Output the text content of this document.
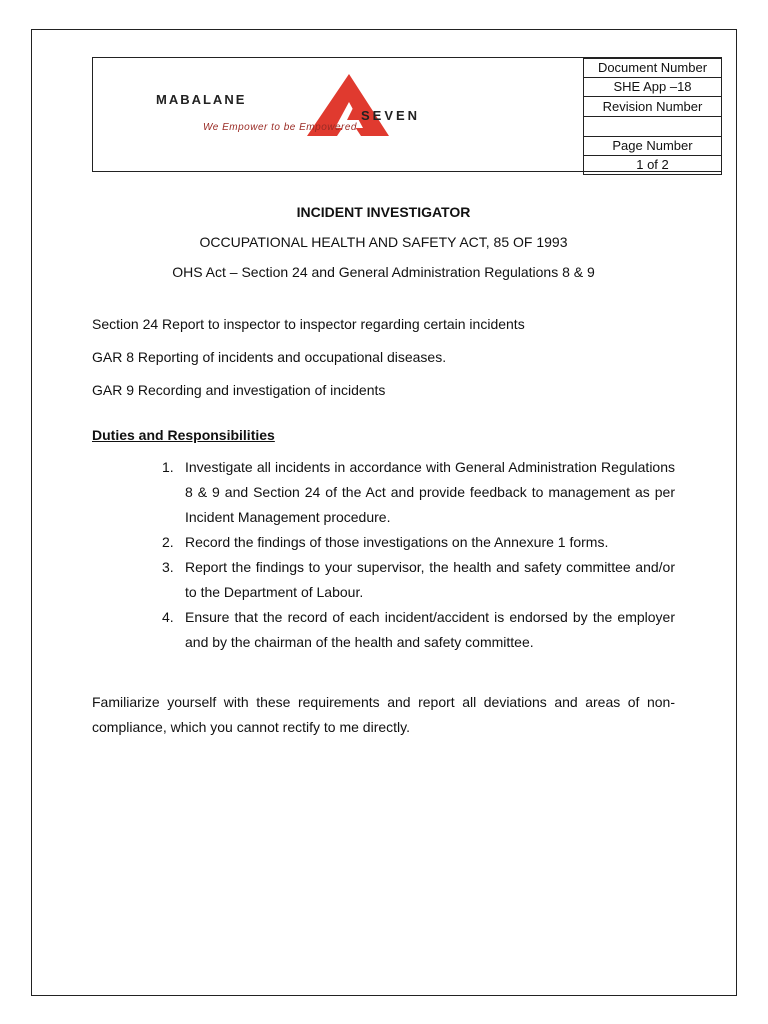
MABALANE
SEVEN
We Empower to be Empowered
Document Number
SHE App –18
Revision Number

Page Number
1 of 2

INCIDENT INVESTIGATOR

OCCUPATIONAL HEALTH AND SAFETY ACT, 85 OF 1993

OHS Act – Section 24 and General Administration Regulations 8 & 9

Section 24 Report to inspector to inspector regarding certain incidents

GAR 8 Reporting of incidents and occupational diseases.

GAR 9 Recording and investigation of incidents

Duties and Responsibilities

1. Investigate all incidents in accordance with General Administration Regulations 8 & 9 and Section 24 of the Act and provide feedback to management as per Incident Management procedure.
2. Record the findings of those investigations on the Annexure 1 forms.
3. Report the findings to your supervisor, the health and safety committee and/or to the Department of Labour.
4. Ensure that the record of each incident/accident is endorsed by the employer and by the chairman of the health and safety committee.

Familiarize yourself with these requirements and report all deviations and areas of non-compliance, which you cannot rectify to me directly.
